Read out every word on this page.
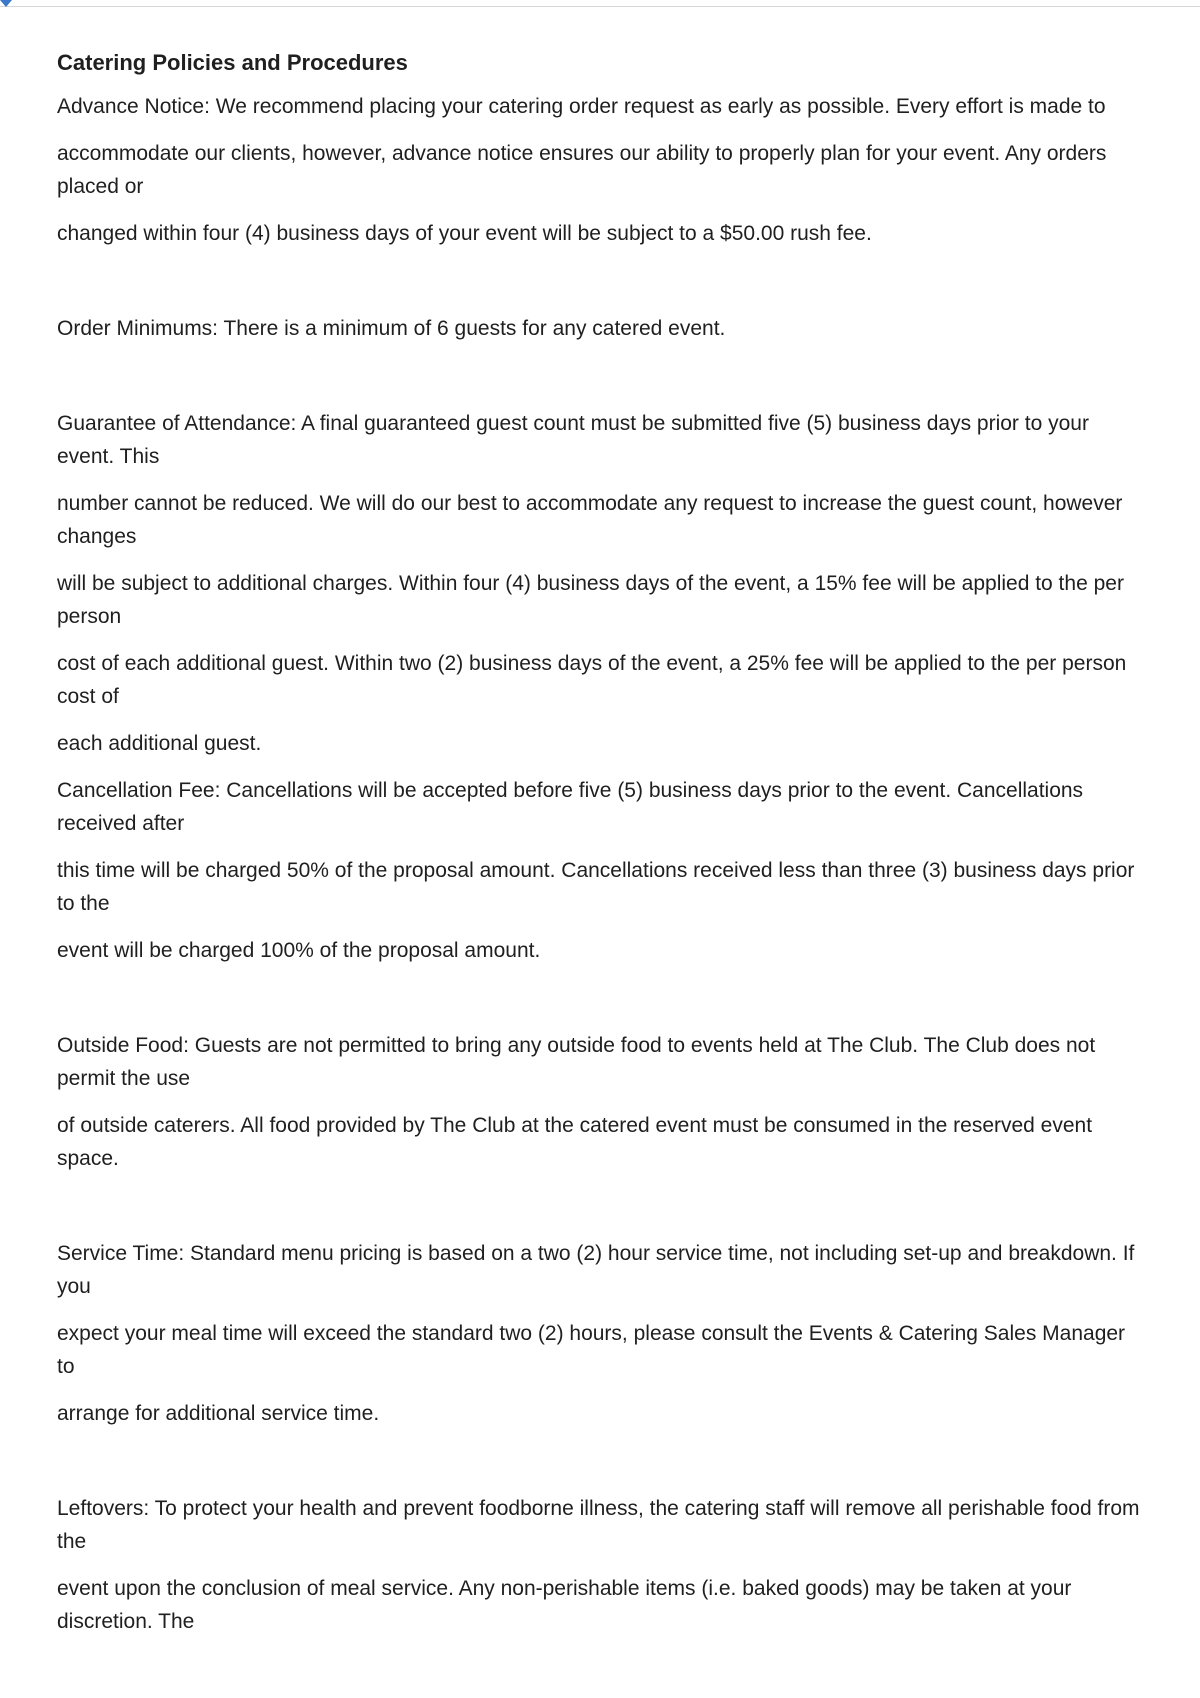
Catering Policies and Procedures

Advance Notice: We recommend placing your catering order request as early as possible. Every effort is made to

accommodate our clients, however, advance notice ensures our ability to properly plan for your event. Any orders placed or

changed within four (4) business days of your event will be subject to a $50.00 rush fee.

Order Minimums: There is a minimum of 6 guests for any catered event.

Guarantee of Attendance: A final guaranteed guest count must be submitted five (5) business days prior to your event. This

number cannot be reduced. We will do our best to accommodate any request to increase the guest count, however changes

will be subject to additional charges. Within four (4) business days of the event, a 15% fee will be applied to the per person

cost of each additional guest. Within two (2) business days of the event, a 25% fee will be applied to the per person cost of

each additional guest.

Cancellation Fee: Cancellations will be accepted before five (5) business days prior to the event. Cancellations received after

this time will be charged 50% of the proposal amount. Cancellations received less than three (3) business days prior to the

event will be charged 100% of the proposal amount.

Outside Food: Guests are not permitted to bring any outside food to events held at The Club. The Club does not permit the use

of outside caterers. All food provided by The Club at the catered event must be consumed in the reserved event space.

Service Time: Standard menu pricing is based on a two (2) hour service time, not including set-up and breakdown. If you

expect your meal time will exceed the standard two (2) hours, please consult the Events & Catering Sales Manager to

arrange for additional service time.

Leftovers: To protect your health and prevent foodborne illness, the catering staff will remove all perishable food from the

event upon the conclusion of meal service. Any non-perishable items (i.e. baked goods) may be taken at your discretion. The
